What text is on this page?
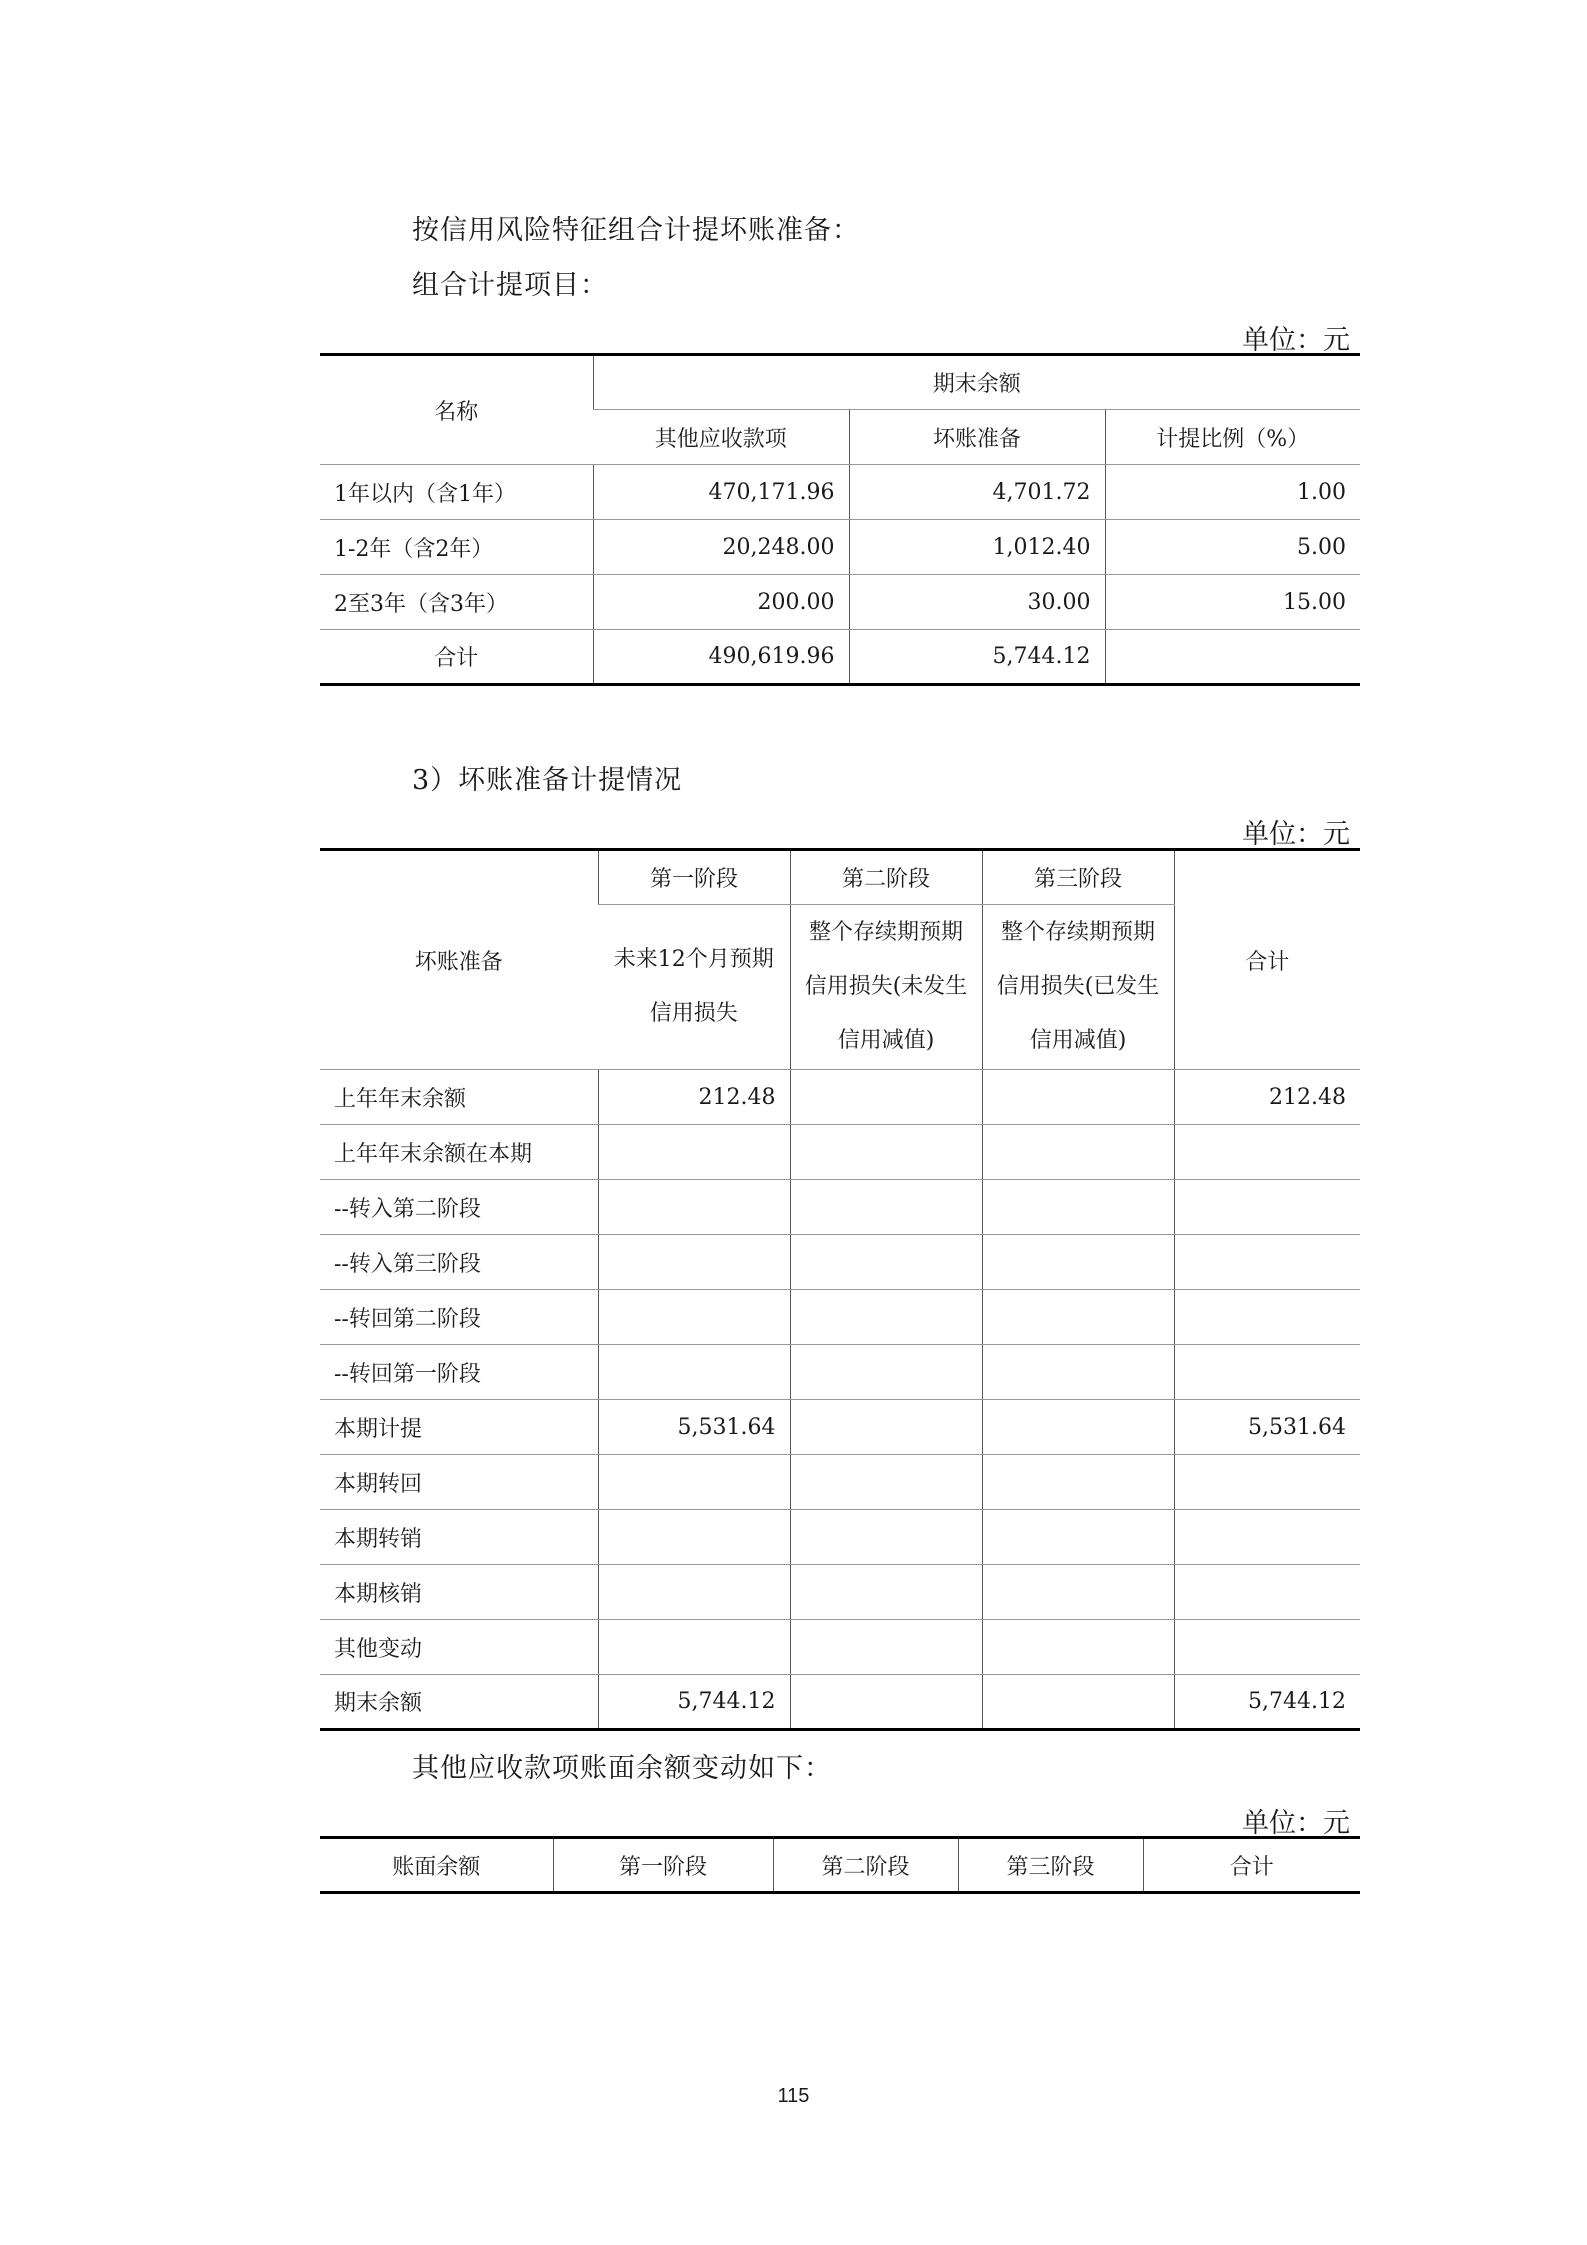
按信用风险特征组合计提坏账准备：
组合计提项目：
单位：元
名称	期末余额		
	其他应收款项	坏账准备	计提比例（%）
1年以内（含1年）	470,171.96	4,701.72	1.00
1-2年（含2年）	20,248.00	1,012.40	5.00
2至3年（含3年）	200.00	30.00	15.00
合计	490,619.96	5,744.12	
3）坏账准备计提情况
单位：元
坏账准备	第一阶段	第二阶段	第三阶段	合计
	未来12个月预期信用损失	整个存续期预期信用损失(未发生信用减值)	整个存续期预期信用损失(已发生信用减值)	
上年年末余额	212.48			212.48
上年年末余额在本期				
--转入第二阶段				
--转入第三阶段				
--转回第二阶段				
--转回第一阶段				
本期计提	5,531.64			5,531.64
本期转回				
本期转销				
本期核销				
其他变动				
期末余额	5,744.12			5,744.12
其他应收款项账面余额变动如下：
单位：元
账面余额	第一阶段	第二阶段	第三阶段	合计
115
